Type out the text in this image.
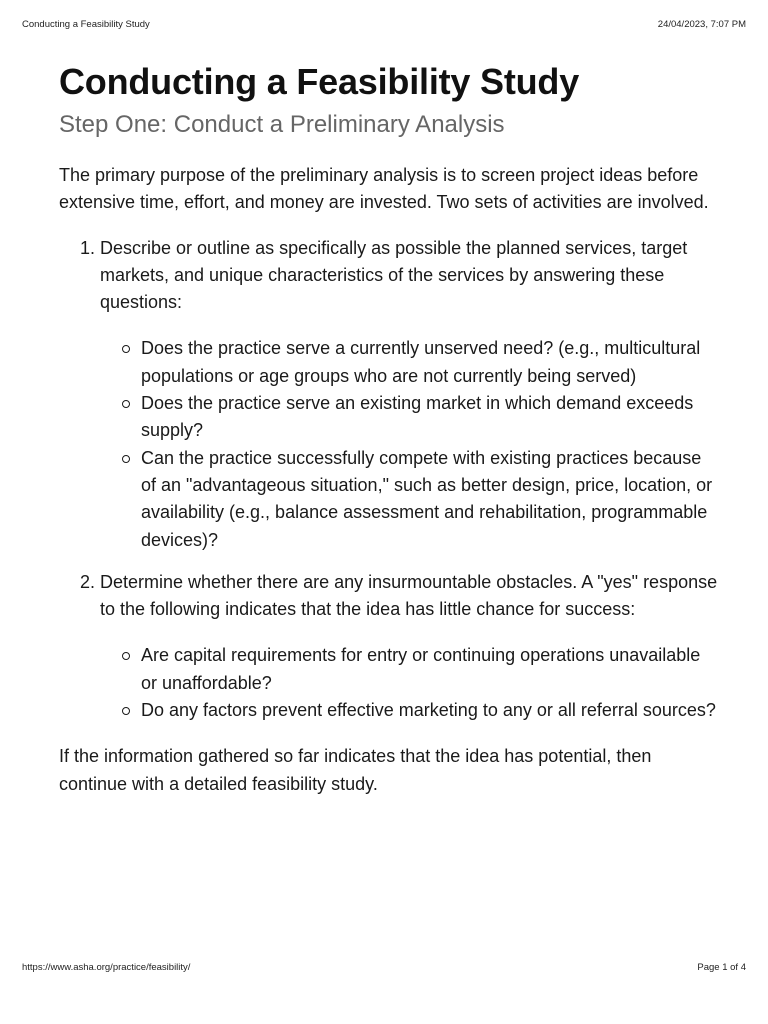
Conducting a Feasibility Study	24/04/2023, 7:07 PM
Conducting a Feasibility Study
Step One: Conduct a Preliminary Analysis

The primary purpose of the preliminary analysis is to screen project ideas before extensive time, effort, and money are invested. Two sets of activities are involved.

1. Describe or outline as specifically as possible the planned services, target markets, and unique characteristics of the services by answering these questions:
Does the practice serve a currently unserved need? (e.g., multicultural populations or age groups who are not currently being served)
Does the practice serve an existing market in which demand exceeds supply?
Can the practice successfully compete with existing practices because of an "advantageous situation," such as better design, price, location, or availability (e.g., balance assessment and rehabilitation, programmable devices)?
2. Determine whether there are any insurmountable obstacles. A "yes" response to the following indicates that the idea has little chance for success:
Are capital requirements for entry or continuing operations unavailable or unaffordable?
Do any factors prevent effective marketing to any or all referral sources?

If the information gathered so far indicates that the idea has potential, then continue with a detailed feasibility study.

https://www.asha.org/practice/feasibility/	Page 1 of 4
